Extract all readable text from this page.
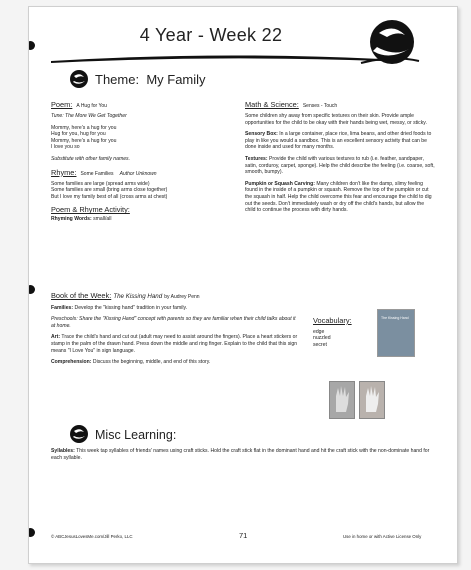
4 Year - Week 22
Theme: My Family
Poem: A Hug for You

Tune: The More We Get Together

Mommy, here's a hug for you
Hug for you, hug for you
Mommy, here's a hug for you
I love you so

Substitute with other family names.

Rhyme: Some Families Author Unknown

Some families are large (spread arms wide)
Some families are small (bring arms close together)
But I love my family best of all (cross arms at chest)

Poem & Rhyme Activity:

Rhyming Words: small/all

Math & Science: Senses - Touch

Some children shy away from specific textures on their skin. Provide ample opportunities for the child to be okay with their hands being wet, messy, or sticky.

Sensory Box: In a large container, place rice, lima beans, and other dried foods to play in like you would a sandbox. This is an excellent sensory activity that can be done inside and used for many months.

Textures: Provide the child with various textures to rub (i.e. feather, sandpaper, satin, corduroy, carpet, sponge). Help the child describe the feeling (i.e. coarse, soft, smooth, bumpy).

Pumpkin or Squash Carving: Many children don't like the damp, slimy feeling found in the inside of a pumpkin or squash. Remove the top of the pumpkin or cut the squash in half. Help the child overcome this fear and encourage the child to dig out the seeds. Don't immediately wash or dry off the child's hands, but allow the child to continue the process with dirty hands.

Book of the Week: The Kissing Hand by Audrey Penn

Families: Develop the "kissing hand" tradition in your family.

Preschools: Share the "Kissing Hand" concept with parents so they are familiar when their child talks about it at home.

Art: Trace the child's hand and cut out (adult may need to assist around the fingers). Place a heart stickers or stamp in the palm of the drawn hand. Press down the middle and ring finger. Explain to the child that this sign means "I Love You" in sign language.

Comprehension: Discuss the beginning, middle, and end of this story.

Vocabulary:
edge
nuzzled
secret
The Kissing Hand
Misc Learning:
Syllables: This week tap syllables of friends' names using craft sticks. Hold the craft stick flat in the dominant hand and hit the craft stick with the non-dominate hand for each syllable.
© ABCJesusLovesMe.com/Jill Perko, LLC	71	Use in home or with Active License Only
